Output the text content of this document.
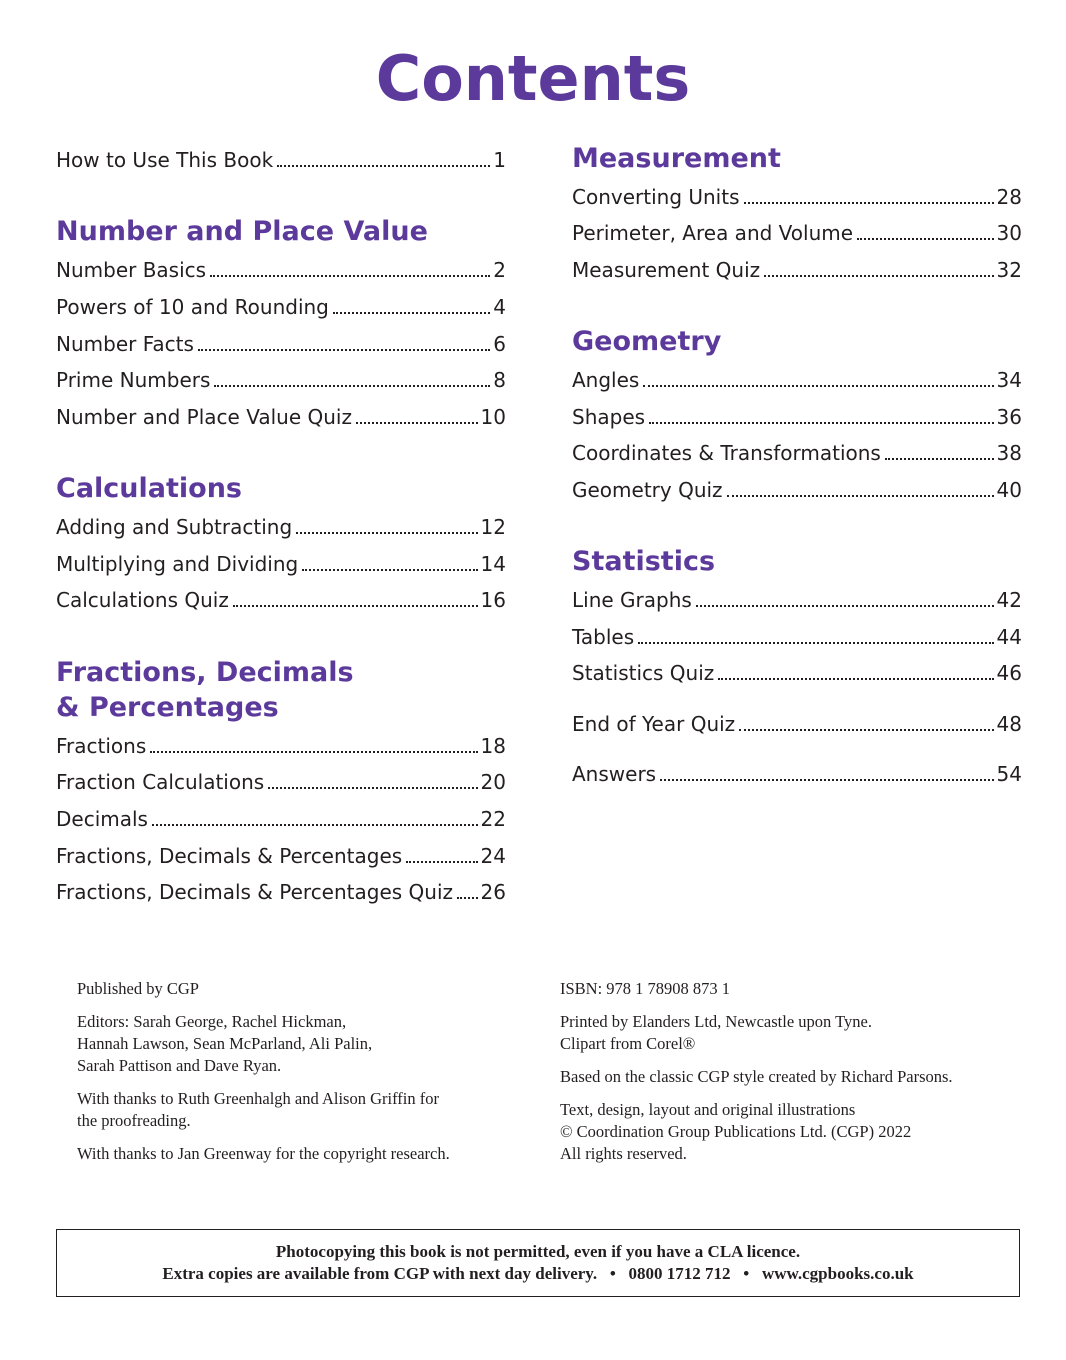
Contents
How to Use This Book	1
Number and Place Value
Number Basics	2
Powers of 10 and Rounding	4
Number Facts	6
Prime Numbers	8
Number and Place Value Quiz	10
Calculations
Adding and Subtracting	12
Multiplying and Dividing	14
Calculations Quiz	16
Fractions, Decimals
& Percentages
Fractions	18
Fraction Calculations	20
Decimals	22
Fractions, Decimals & Percentages	24
Fractions, Decimals & Percentages Quiz 26
Measurement
Converting Units	28
Perimeter, Area and Volume	30
Measurement Quiz	32
Geometry
Angles	34
Shapes	36
Coordinates & Transformations	38
Geometry Quiz	40
Statistics
Line Graphs	42
Tables	44
Statistics Quiz	46
End of Year Quiz	48
Answers	54

Published by CGP

Editors: Sarah George, Rachel Hickman,

Hannah Lawson, Sean McParland, Ali Palin,

Sarah Pattison and Dave Ryan.

With thanks to Ruth Greenhalgh and Alison Griffin for

the proofreading.

With thanks to Jan Greenway for the copyright research.

ISBN: 978 1 78908 873 1

Printed by Elanders Ltd, Newcastle upon Tyne.

Clipart from Corel®

Based on the classic CGP style created by Richard Parsons.

Text, design, layout and original illustrations

© Coordination Group Publications Ltd. (CGP) 2022

All rights reserved.

Photocopying this book is not permitted, even if you have a CLA licence.
Extra copies are available from CGP with next day delivery.   •   0800 1712 712   •   www.cgpbooks.co.uk
